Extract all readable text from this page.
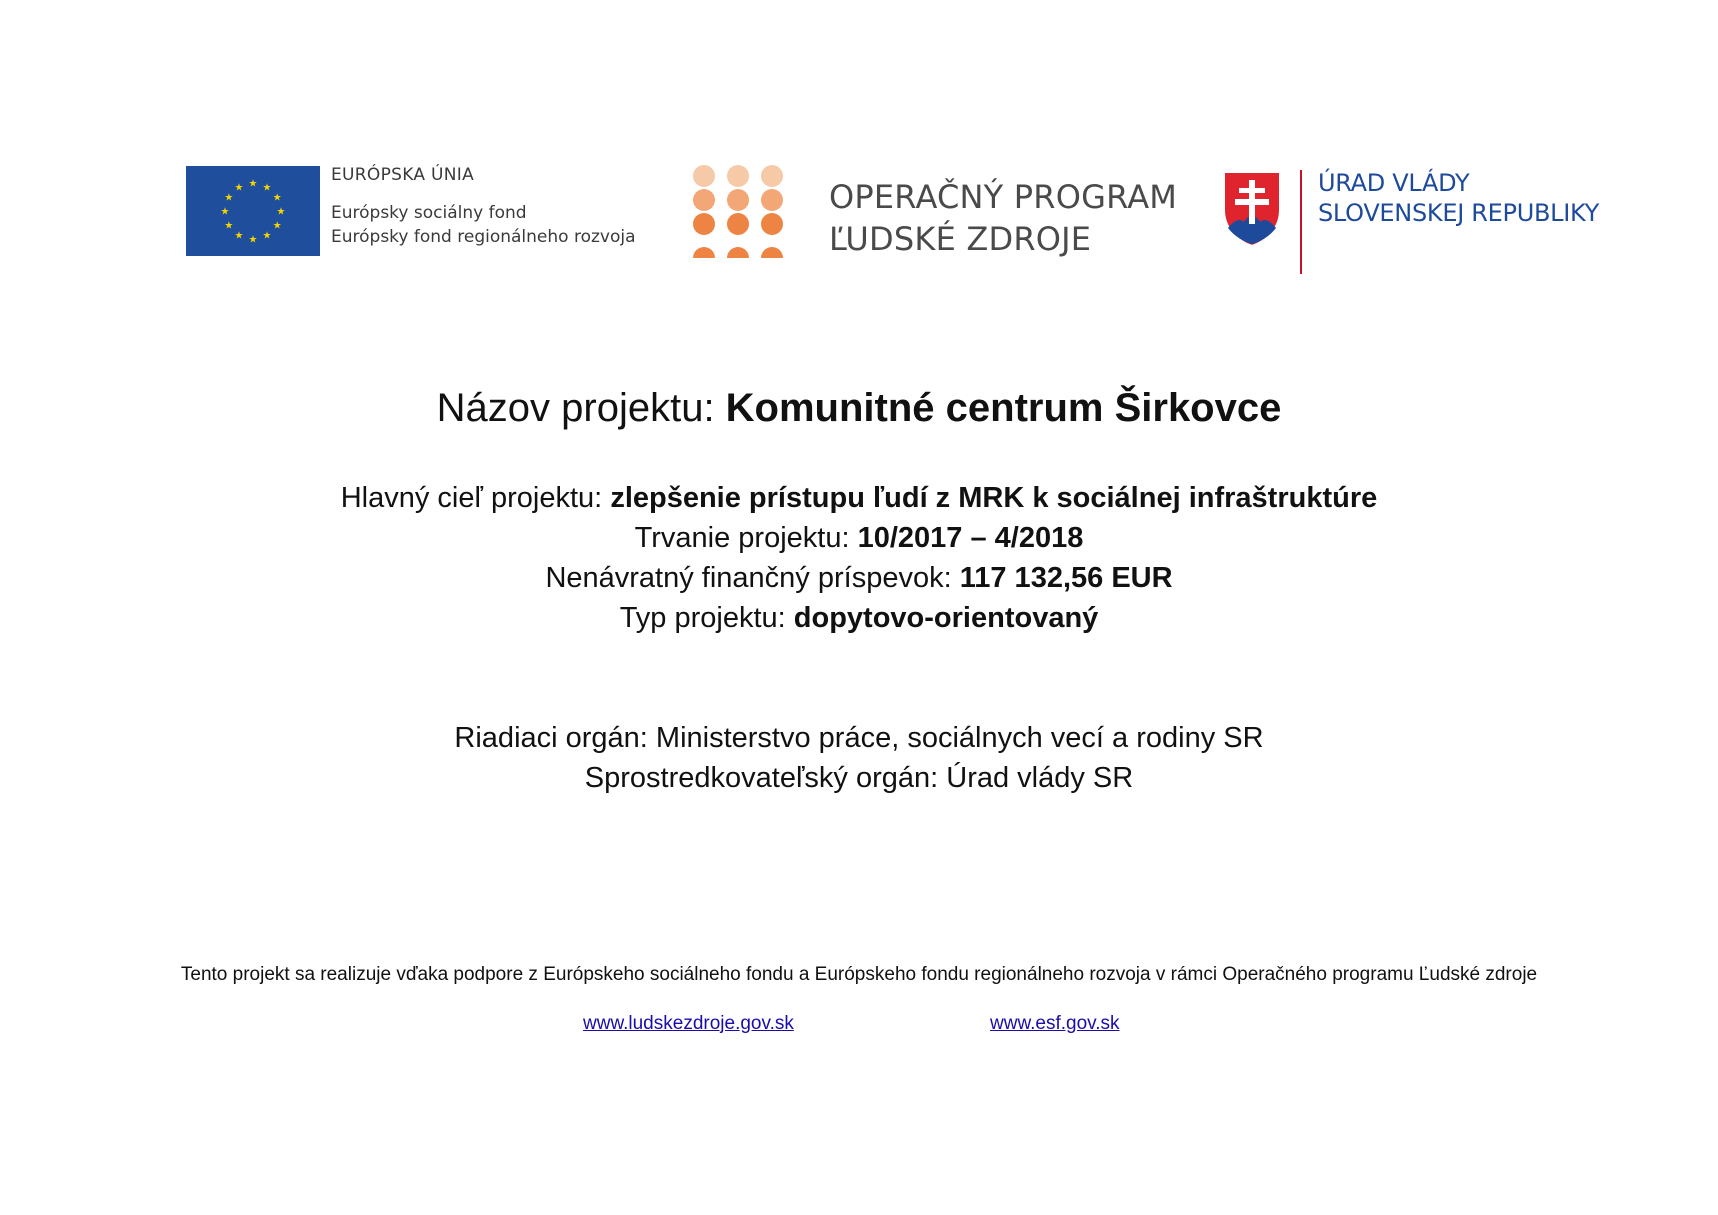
★ ★
★
★
★
★
★
★
★
★
★
★
EURÓPSKA ÚNIA
Európsky sociálny fond
Európsky fond regionálneho rozvoja
OPERAČNÝ PROGRAM
ĽUDSKÉ ZDROJE
ÚRAD VLÁDY
SLOVENSKEJ REPUBLIKY
Názov projektu: Komunitné centrum Širkovce
Hlavný cieľ projektu: zlepšenie prístupu ľudí z MRK k sociálnej infraštruktúre
Trvanie projektu: 10/2017 – 4/2018
Nenávratný finančný príspevok: 117 132,56 EUR
Typ projektu: dopytovo-orientovaný
Riadiaci orgán: Ministerstvo práce, sociálnych vecí a rodiny SR
Sprostredkovateľský orgán: Úrad vlády SR
Tento projekt sa realizuje vďaka podpore z Európskeho sociálneho fondu a Európskeho fondu regionálneho rozvoja v rámci Operačného programu Ľudské zdroje
www.ludskezdroje.gov.sk	www.esf.gov.sk
